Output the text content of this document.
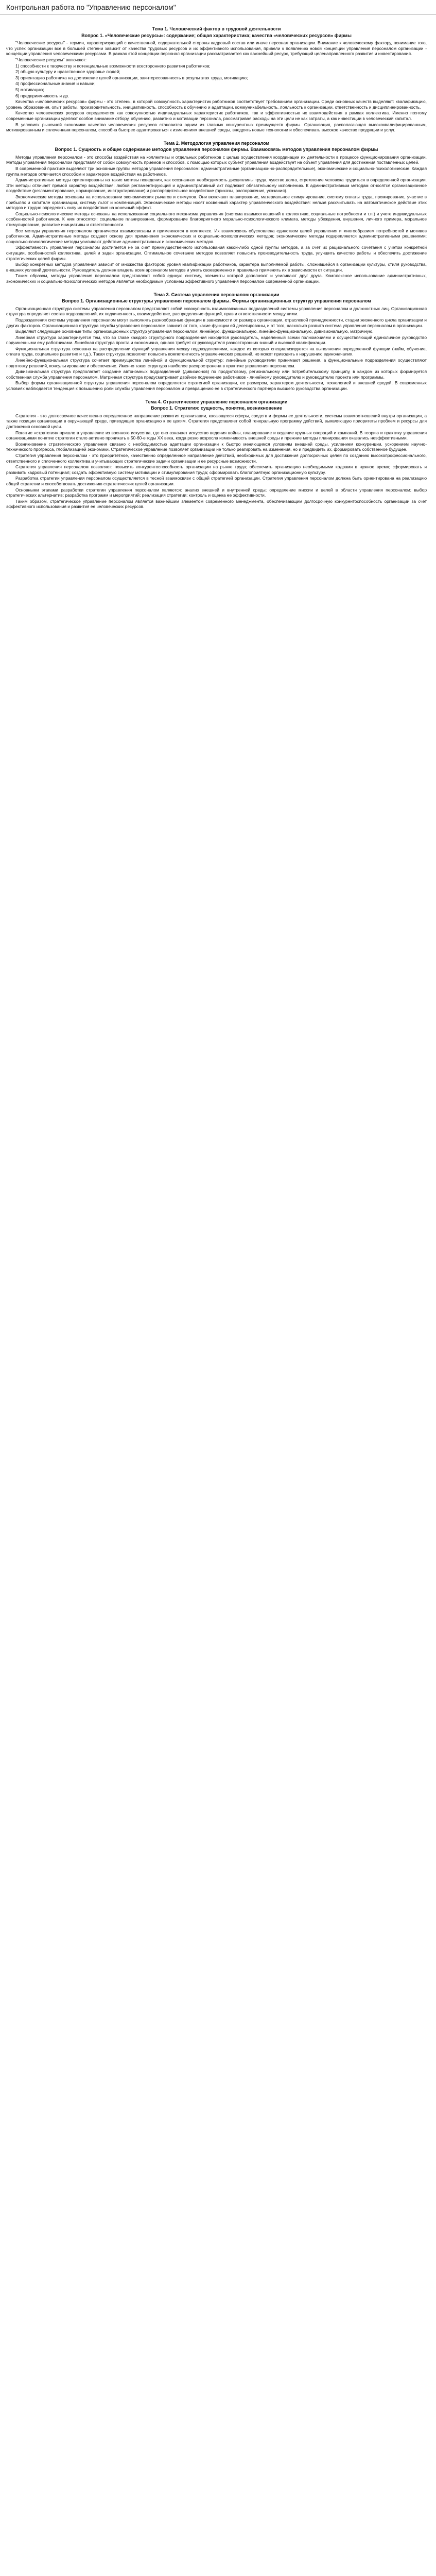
Контрольная работа по "Управлению персоналом"
Тема 1. Человеческий фактор в трудовой деятельности
Вопрос 1. «Человеческие ресурсы»: содержание; общая характеристика; качества «человеческих ресурсов» фирмы
"Человеческие ресурсы" - термин, характеризующий с качественной, содержательной стороны кадровый состав или иначе персонал организации. Внимание к человеческому фактору, понимание того, что успех организации все в большей степени зависит от качества трудовых ресурсов и их эффективного использования, привели к появлению новой концепции управления персоналом организации - концепции управления человеческими ресурсами. В рамках этой концепции персонал организации рассматривается как важнейший ресурс, требующий целенаправленного развития и инвестирования.
"Человеческие ресурсы" включают:
1) способности к творчеству и потенциальные возможности всестороннего развития работников;
2) общую культуру и нравственное здоровье людей;
3) ориентацию работника на достижение целей организации, заинтересованность в результатах труда, мотивацию;
4) профессиональные знания и навыки;
5) мотивацию;
6) предприимчивость и др.
Качества «человеческих ресурсов» фирмы - это степень, в которой совокупность характеристик работников соответствует требованиям организации. Среди основных качеств выделяют: квалификацию, уровень образования, опыт работы, производительность, инициативность, способность к обучению и адаптации, коммуникабельность, лояльность к организации, ответственность и дисциплинированность.
Качество человеческих ресурсов определяется как совокупностью индивидуальных характеристик работников, так и эффективностью их взаимодействия в рамках коллектива. Именно поэтому современные организации уделяют особое внимание отбору, обучению, развитию и мотивации персонала, рассматривая расходы на эти цели не как затраты, а как инвестиции в человеческий капитал.
В условиях рыночной экономики качество человеческих ресурсов становится одним из главных конкурентных преимуществ фирмы. Организация, располагающая высококвалифицированным, мотивированным и сплоченным персоналом, способна быстрее адаптироваться к изменениям внешней среды, внедрять новые технологии и обеспечивать высокое качество продукции и услуг.
Тема 2. Методология управления персоналом
Вопрос 1. Сущность и общее содержание методов управления персоналом фирмы. Взаимосвязь методов управления персоналом фирмы
Методы управления персоналом - это способы воздействия на коллективы и отдельных работников с целью осуществления координации их деятельности в процессе функционирования организации. Методы управления персоналом представляют собой совокупность приемов и способов, с помощью которых субъект управления воздействует на объект управления для достижения поставленных целей.
В современной практике выделяют три основные группы методов управления персоналом: административные (организационно-распорядительные), экономические и социально-психологические. Каждая группа методов отличается способом и характером воздействия на работников.
Административные методы ориентированы на такие мотивы поведения, как осознанная необходимость дисциплины труда, чувство долга, стремление человека трудиться в определенной организации. Эти методы отличает прямой характер воздействия: любой регламентирующий и административный акт подлежит обязательному исполнению. К административным методам относятся организационное воздействие (регламентирование, нормирование, инструктирование) и распорядительное воздействие (приказы, распоряжения, указания).
Экономические методы основаны на использовании экономических рычагов и стимулов. Они включают планирование, материальное стимулирование, систему оплаты труда, премирование, участие в прибылях и капитале организации, систему льгот и компенсаций. Экономические методы носят косвенный характер управленческого воздействия: нельзя рассчитывать на автоматическое действие этих методов и трудно определить силу их воздействия на конечный эффект.
Социально-психологические методы основаны на использовании социального механизма управления (система взаимоотношений в коллективе, социальные потребности и т.п.) и учете индивидуальных особенностей работников. К ним относятся: социальное планирование, формирование благоприятного морально-психологического климата, методы убеждения, внушения, личного примера, моральное стимулирование, развитие инициативы и ответственности.
Все методы управления персоналом органически взаимосвязаны и применяются в комплексе. Их взаимосвязь обусловлена единством целей управления и многообразием потребностей и мотивов работников. Административные методы создают основу для применения экономических и социально-психологических методов; экономические методы подкрепляются административными решениями; социально-психологические методы усиливают действие административных и экономических методов.
Эффективность управления персоналом достигается не за счет преимущественного использования какой-либо одной группы методов, а за счет их рационального сочетания с учетом конкретной ситуации, особенностей коллектива, целей и задач организации. Оптимальное сочетание методов позволяет повысить производительность труда, улучшить качество работы и обеспечить достижение стратегических целей фирмы.
Выбор конкретных методов управления зависит от множества факторов: уровня квалификации работников, характера выполняемой работы, сложившейся в организации культуры, стиля руководства, внешних условий деятельности. Руководитель должен владеть всем арсеналом методов и уметь своевременно и правильно применять их в зависимости от ситуации.
Таким образом, методы управления персоналом представляют собой единую систему, элементы которой дополняют и усиливают друг друга. Комплексное использование административных, экономических и социально-психологических методов является необходимым условием эффективного управления персоналом современной организации.
Тема 3. Система управления персоналом организации
Вопрос 1. Организационные структуры управления персоналом фирмы. Формы организационных структур управления персоналом
Организационная структура системы управления персоналом представляет собой совокупность взаимосвязанных подразделений системы управления персоналом и должностных лиц. Организационная структура определяет состав подразделений, их подчиненность, взаимодействие, распределение функций, прав и ответственности между ними.
Подразделения системы управления персоналом могут выполнять разнообразные функции в зависимости от размера организации, отраслевой принадлежности, стадии жизненного цикла организации и других факторов. Организационная структура службы управления персоналом зависит от того, какие функции ей делегированы, и от того, насколько развита система управления персоналом в организации.
Выделяют следующие основные типы организационных структур управления персоналом: линейную, функциональную, линейно-функциональную, дивизиональную, матричную.
Линейная структура характеризуется тем, что во главе каждого структурного подразделения находится руководитель, наделенный всеми полномочиями и осуществляющий единоличное руководство подчиненными ему работниками. Линейная структура проста и экономична, однако требует от руководителя разносторонних знаний и высокой квалификации.
Функциональная структура основана на распределении функций управления между подразделениями, каждое из которых специализируется на выполнении определенной функции (найм, обучение, оплата труда, социальное развитие и т.д.). Такая структура позволяет повысить компетентность управленческих решений, но может приводить к нарушению единоначалия.
Линейно-функциональная структура сочетает преимущества линейной и функциональной структур: линейные руководители принимают решения, а функциональные подразделения осуществляют подготовку решений, консультирование и обеспечение. Именно такая структура наиболее распространена в практике управления персоналом.
Дивизиональная структура предполагает создание автономных подразделений (дивизионов) по продуктовому, региональному или потребительскому принципу, в каждом из которых формируется собственная служба управления персоналом. Матричная структура предусматривает двойное подчинение работников - линейному руководителю и руководителю проекта или программы.
Выбор формы организационной структуры управления персоналом определяется стратегией организации, ее размером, характером деятельности, технологией и внешней средой. В современных условиях наблюдается тенденция к повышению роли службы управления персоналом и превращению ее в стратегического партнера высшего руководства организации.
Тема 4. Стратегическое управление персоналом организации
Вопрос 1. Стратегия: сущность, понятие, возникновение
Стратегия - это долгосрочное качественно определенное направление развития организации, касающееся сферы, средств и формы ее деятельности, системы взаимоотношений внутри организации, а также позиции организации в окружающей среде, приводящее организацию к ее целям. Стратегия представляет собой генеральную программу действий, выявляющую приоритеты проблем и ресурсы для достижения основной цели.
Понятие «стратегия» пришло в управление из военного искусства, где оно означает искусство ведения войны, планирование и ведение крупных операций и кампаний. В теорию и практику управления организациями понятие стратегии стало активно проникать в 50-60-е годы XX века, когда резко возросла изменчивость внешней среды и прежние методы планирования оказались неэффективными.
Возникновение стратегического управления связано с необходимостью адаптации организации к быстро меняющимся условиям внешней среды, усилением конкуренции, ускорением научно-технического прогресса, глобализацией экономики. Стратегическое управление позволяет организации не только реагировать на изменения, но и предвидеть их, формировать собственное будущее.
Стратегия управления персоналом - это приоритетное, качественно определенное направление действий, необходимых для достижения долгосрочных целей по созданию высокопрофессионального, ответственного и сплоченного коллектива и учитывающих стратегические задачи организации и ее ресурсные возможности.
Стратегия управления персоналом позволяет: повысить конкурентоспособность организации на рынке труда; обеспечить организацию необходимыми кадрами в нужное время; сформировать и развивать кадровый потенциал; создать эффективную систему мотивации и стимулирования труда; сформировать благоприятную организационную культуру.
Разработка стратегии управления персоналом осуществляется в тесной взаимосвязи с общей стратегией организации. Стратегия управления персоналом должна быть ориентирована на реализацию общей стратегии и способствовать достижению стратегических целей организации.
Основными этапами разработки стратегии управления персоналом являются: анализ внешней и внутренней среды; определение миссии и целей в области управления персоналом; выбор стратегических альтернатив; разработка программ и мероприятий; реализация стратегии; контроль и оценка ее эффективности.
Таким образом, стратегическое управление персоналом является важнейшим элементом современного менеджмента, обеспечивающим долгосрочную конкурентоспособность организации за счет эффективного использования и развития ее человеческих ресурсов.
